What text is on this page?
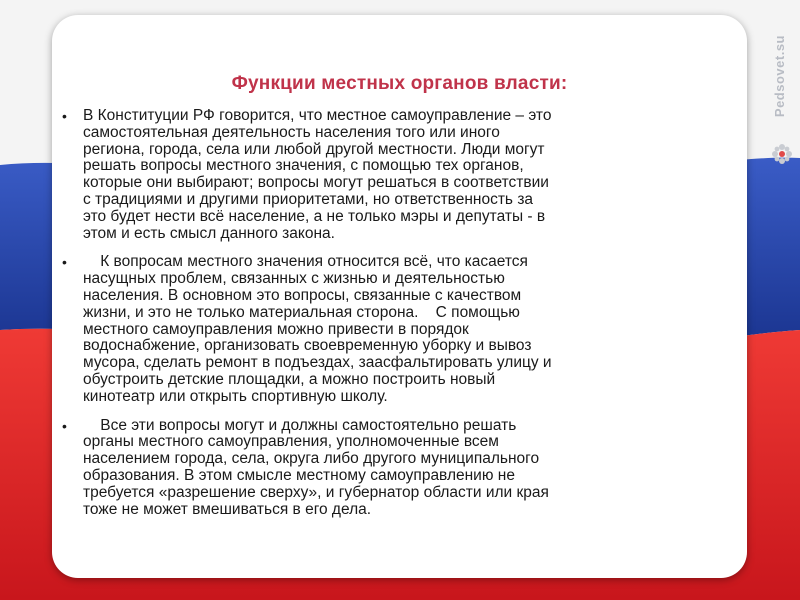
Функции местных органов власти:
• В Конституции РФ говорится, что местное самоуправление – это

самостоятельная деятельность населения того или иного

региона, города, села или любой другой местности. Люди могут

решать вопросы местного значения, с помощью тех органов,

которые они выбирают; вопросы могут решаться в соответствии

с традициями и другими приоритетами, но ответственность за

это будет нести всё население, а не только мэры и депутаты - в

этом и есть смысл данного закона.

• К вопросам местного значения относится всё, что касается

насущных проблем, связанных с жизнью и деятельностью

населения. В основном это вопросы, связанные с качеством

жизни, и это не только материальная сторона.    С помощью

местного самоуправления можно привести в порядок

водоснабжение, организовать своевременную уборку и вывоз

мусора, сделать ремонт в подъездах, заасфальтировать улицу и

обустроить детские площадки, а можно построить новый

кинотеатр или открыть спортивную школу.

• Все эти вопросы могут и должны самостоятельно решать

органы местного самоуправления, уполномоченные всем

населением города, села, округа либо другого муниципального

образования. В этом смысле местному самоуправлению не

требуется «разрешение сверху», и губернатор области или края

тоже не может вмешиваться в его дела.

Pedsovet.su
